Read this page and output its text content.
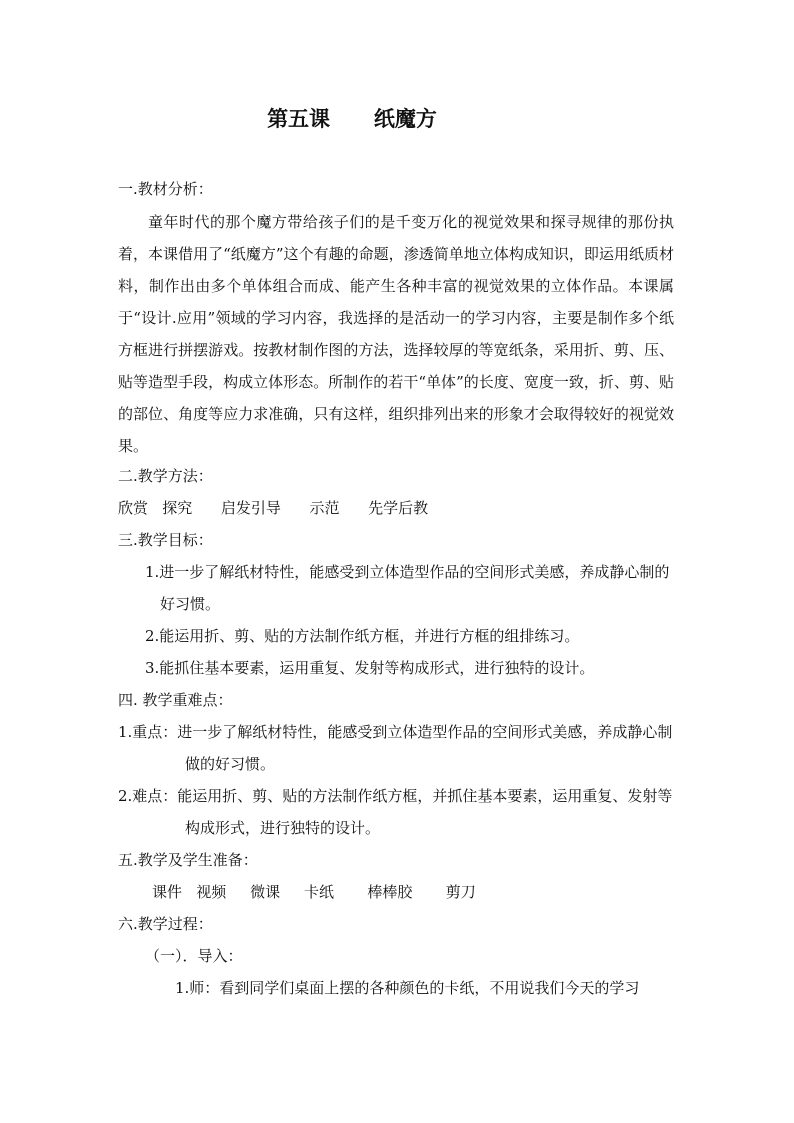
第五课      纸魔方
一.教材分析：
童年时代的那个魔方带给孩子们的是千变万化的视觉效果和探寻规律的那份执着，本课借用了“纸魔方”这个有趣的命题，渗透简单地立体构成知识，即运用纸质材料，制作出由多个单体组合而成、能产生各种丰富的视觉效果的立体作品。本课属于“设计.应用”领域的学习内容，我选择的是活动一的学习内容，主要是制作多个纸方框进行拼摆游戏。按教材制作图的方法，选择较厚的等宽纸条，采用折、剪、压、贴等造型手段，构成立体形态。所制作的若干“单体”的长度、宽度一致，折、剪、贴的部位、角度等应力求准确，只有这样，组织排列出来的形象才会取得较好的视觉效果。
二.教学方法：
欣赏   探究      启发引导      示范      先学后教
三.教学目标：
1.进一步了解纸材特性，能感受到立体造型作品的空间形式美感，养成静心制的好习惯。
2.能运用折、剪、贴的方法制作纸方框，并进行方框的组排练习。
3.能抓住基本要素，运用重复、发射等构成形式，进行独特的设计。
四. 教学重难点：
1.重点：进一步了解纸材特性，能感受到立体造型作品的空间形式美感，养成静心制做的好习惯。
2.难点：能运用折、剪、贴的方法制作纸方框，并抓住基本要素，运用重复、发射等构成形式，进行独特的设计。
五.教学及学生准备：
课件   视频     微课     卡纸       棒棒胶       剪刀
六.教学过程：
（一）．导入：
1.师：看到同学们桌面上摆的各种颜色的卡纸，不用说我们今天的学习
